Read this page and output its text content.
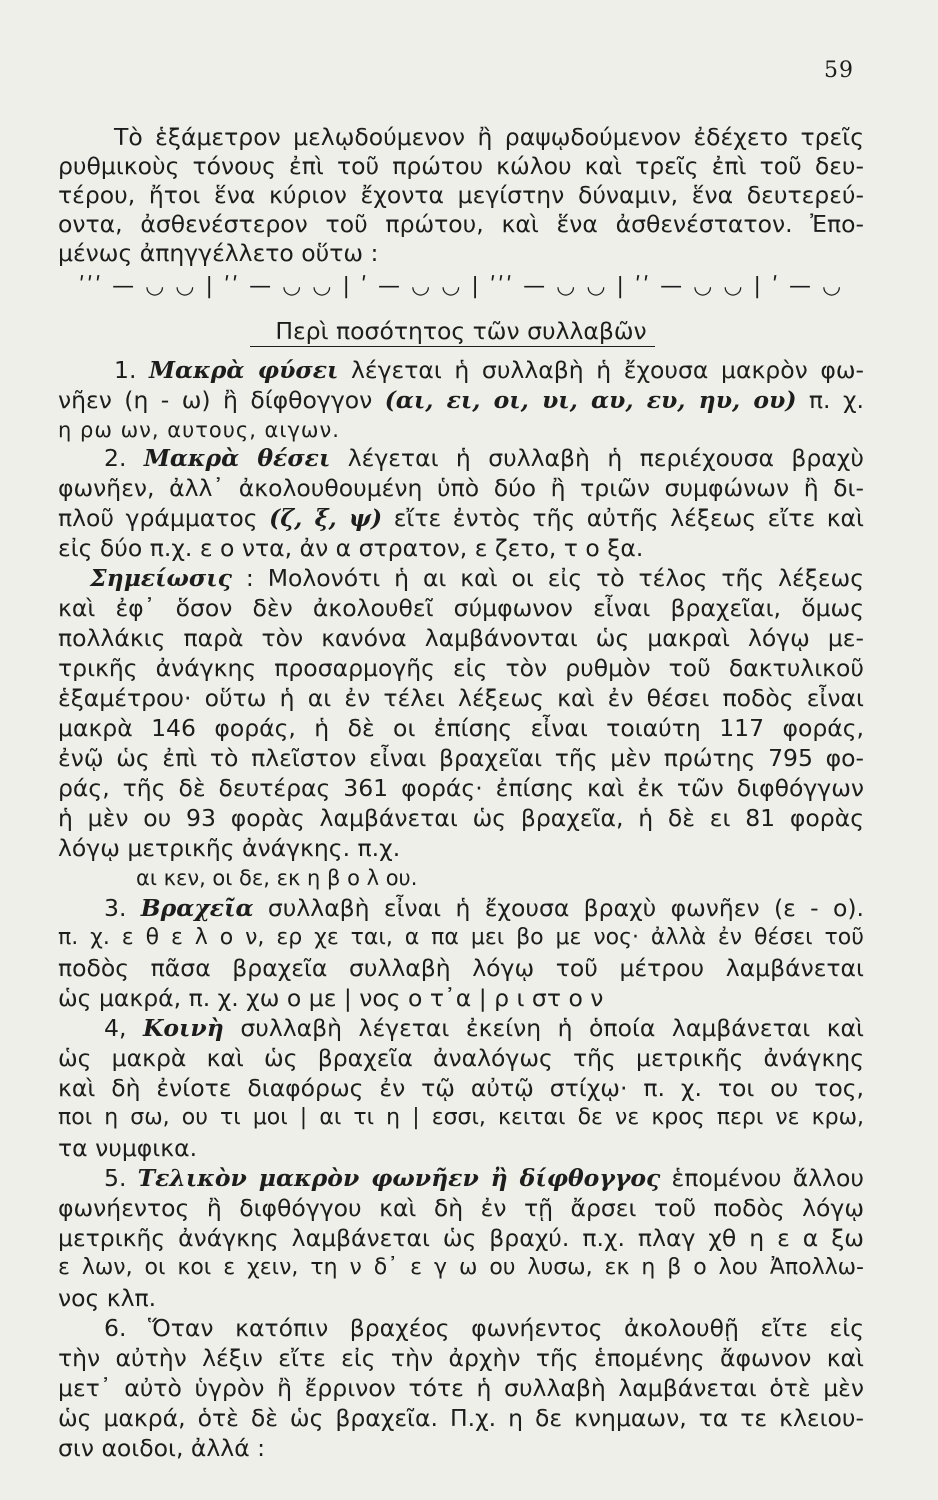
59
Τὸ ἑξάμετρον μελῳδούμενον ἢ ραψῳδούμενον ἐδέχετο τρεῖς
ρυθμικοὺς τόνους ἐπὶ τοῦ πρώτου κώλου καὶ τρεῖς ἐπὶ τοῦ δευ-
τέρου, ἤτοι ἕνα κύριον ἔχοντα μεγίστην δύναμιν, ἕνα δευτερεύ-
οντα, ἀσθενέστερον τοῦ πρώτου, καὶ ἕνα ἀσθενέστατον. Ἐπο-
μένως ἀπηγγέλλετο οὕτω :
ʹʹʹ — ◡ ◡ | ʹʹ — ◡ ◡ | ʹ — ◡ ◡ | ʹʹʹ — ◡ ◡ | ʹʹ — ◡ ◡ | ʹ — ◡
Περὶ ποσότητος τῶν συλλαβῶν
1. Μακρὰ φύσει λέγεται ἡ συλλαβὴ ἡ ἔχουσα μακρὸν φω-
νῆεν (η - ω) ἢ δίφθογγον (αι, ει, οι, υι, αυ, ευ, ηυ, ου) π. χ.
η ρω ων, αυτους, αιγων.
2. Μακρὰ θέσει λέγεται ἡ συλλαβὴ ἡ περιέχουσα βραχὺ
φωνῆεν, ἀλλ᾽ ἀκολουθουμένη ὑπὸ δύο ἢ τριῶν συμφώνων ἢ δι-
πλοῦ γράμματος (ζ, ξ, ψ) εἴτε ἐντὸς τῆς αὐτῆς λέξεως εἴτε καὶ
εἰς δύο π.χ. ε ο ντα, ἀν α στρατον, ε ζετο, τ ο ξα.
Σημείωσις : Μολονότι ἡ αι καὶ οι εἰς τὸ τέλος τῆς λέξεως
καὶ ἐφ᾽ ὅσον δὲν ἀκολουθεῖ σύμφωνον εἶναι βραχεῖαι, ὅμως
πολλάκις παρὰ τὸν κανόνα λαμβάνονται ὡς μακραὶ λόγῳ με-
τρικῆς ἀνάγκης προσαρμογῆς εἰς τὸν ρυθμὸν τοῦ δακτυλικοῦ
ἑξαμέτρου· οὕτω ἡ αι ἐν τέλει λέξεως καὶ ἐν θέσει ποδὸς εἶναι
μακρὰ 146 φοράς, ἡ δὲ οι ἐπίσης εἶναι τοιαύτη 117 φοράς,
ἐνῷ ὡς ἐπὶ τὸ πλεῖστον εἶναι βραχεῖαι τῆς μὲν πρώτης 795 φο-
ράς, τῆς δὲ δευτέρας 361 φοράς· ἐπίσης καὶ ἐκ τῶν διφθόγγων
ἡ μὲν ου 93 φορὰς λαμβάνεται ὡς βραχεῖα, ἡ δὲ ει 81 φορὰς
λόγῳ μετρικῆς ἀνάγκης. π.χ.
αι κεν, οι δε, εκ η β ο λ ου.
3. Βραχεῖα συλλαβὴ εἶναι ἡ ἔχουσα βραχὺ φωνῆεν (ε - ο).
π. χ. ε θ ε λ ο ν, ερ χε ται, α πα μει βο με νος· ἀλλὰ ἐν θέσει τοῦ
ποδὸς πᾶσα βραχεῖα συλλαβὴ λόγῳ τοῦ μέτρου λαμβάνεται
ὡς μακρά, π. χ. χω ο με | νος ο τ᾽α | ρ ι στ ο ν
4, Κοινὴ συλλαβὴ λέγεται ἐκείνη ἡ ὁποία λαμβάνεται καὶ
ὡς μακρὰ καὶ ὡς βραχεῖα ἀναλόγως τῆς μετρικῆς ἀνάγκης
καὶ δὴ ἐνίοτε διαφόρως ἐν τῷ αὐτῷ στίχῳ· π. χ. τοι ου τος,
ποι η σω, ου τι μοι | αι τι η | εσσι, κειται δε νε κρος περι νε κρω,
τα νυμφικα.
5. Τελικὸν μακρὸν φωνῆεν ἢ δίφθογγος ἑπομένου ἄλλου
φωνήεντος ἢ διφθόγγου καὶ δὴ ἐν τῇ ἄρσει τοῦ ποδὸς λόγῳ
μετρικῆς ἀνάγκης λαμβάνεται ὡς βραχύ. π.χ. πλαγ χθ η ε α ξω
ε λων, οι κοι ε χειν, τη ν δ᾽ ε γ ω ου λυσω, εκ η β ο λου Ἀπολλω-
νος κλπ.
6. Ὅταν κατόπιν βραχέος φωνήεντος ἀκολουθῇ εἴτε εἰς
τὴν αὐτὴν λέξιν εἴτε εἰς τὴν ἀρχὴν τῆς ἑπομένης ἄφωνον καὶ
μετ᾽ αὐτὸ ὑγρὸν ἢ ἔρρινον τότε ἡ συλλαβὴ λαμβάνεται ὁτὲ μὲν
ὡς μακρά, ὁτὲ δὲ ὡς βραχεῖα. Π.χ. η δε κνημαων, τα τε κλειου-
σιν αοιδοι, ἀλλά :
